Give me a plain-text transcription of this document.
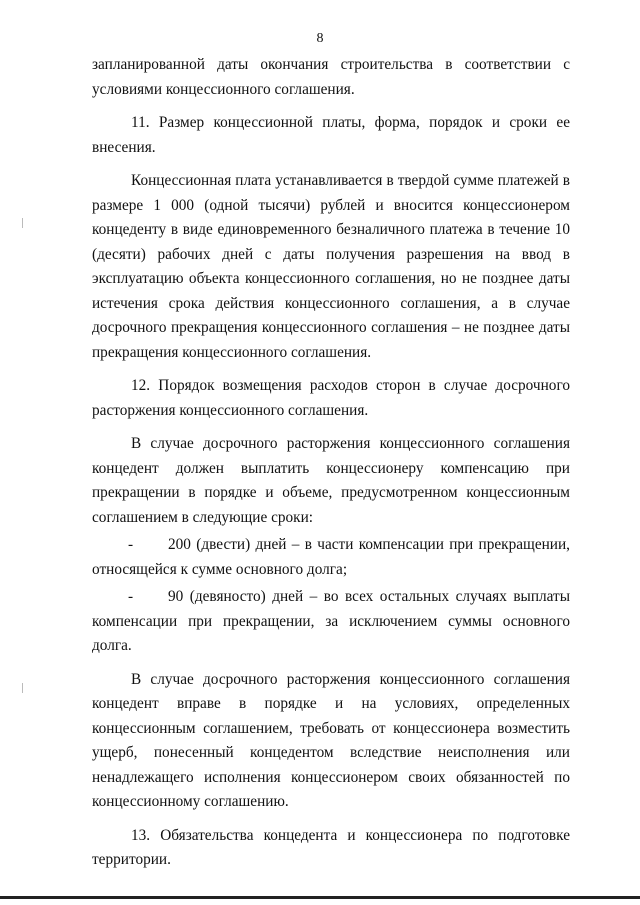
8

запланированной даты окончания строительства в соответствии с условиями концессионного соглашения.

11. Размер концессионной платы, форма, порядок и сроки ее внесения.

Концессионная плата устанавливается в твердой сумме платежей в размере 1 000 (одной тысячи) рублей и вносится концессионером концеденту в виде единовременного безналичного платежа в течение 10 (десяти) рабочих дней с даты получения разрешения на ввод в эксплуатацию объекта концессионного соглашения, но не позднее даты истечения срока действия концессионного соглашения, а в случае досрочного прекращения концессионного соглашения – не позднее даты прекращения концессионного соглашения.

12. Порядок возмещения расходов сторон в случае досрочного расторжения концессионного соглашения.

В случае досрочного расторжения концессионного соглашения концедент должен выплатить концессионеру компенсацию при прекращении в порядке и объеме, предусмотренном концессионным соглашением в следующие сроки:

- 200 (двести) дней – в части компенсации при прекращении, относящейся к сумме основного долга;

- 90 (девяносто) дней – во всех остальных случаях выплаты компенсации при прекращении, за исключением суммы основного долга.

В случае досрочного расторжения концессионного соглашения концедент вправе в порядке и на условиях, определенных концессионным соглашением, требовать от концессионера возместить ущерб, понесенный концедентом вследствие неисполнения или ненадлежащего исполнения концессионером своих обязанностей по концессионному соглашению.

13. Обязательства концедента и концессионера по подготовке территории.
